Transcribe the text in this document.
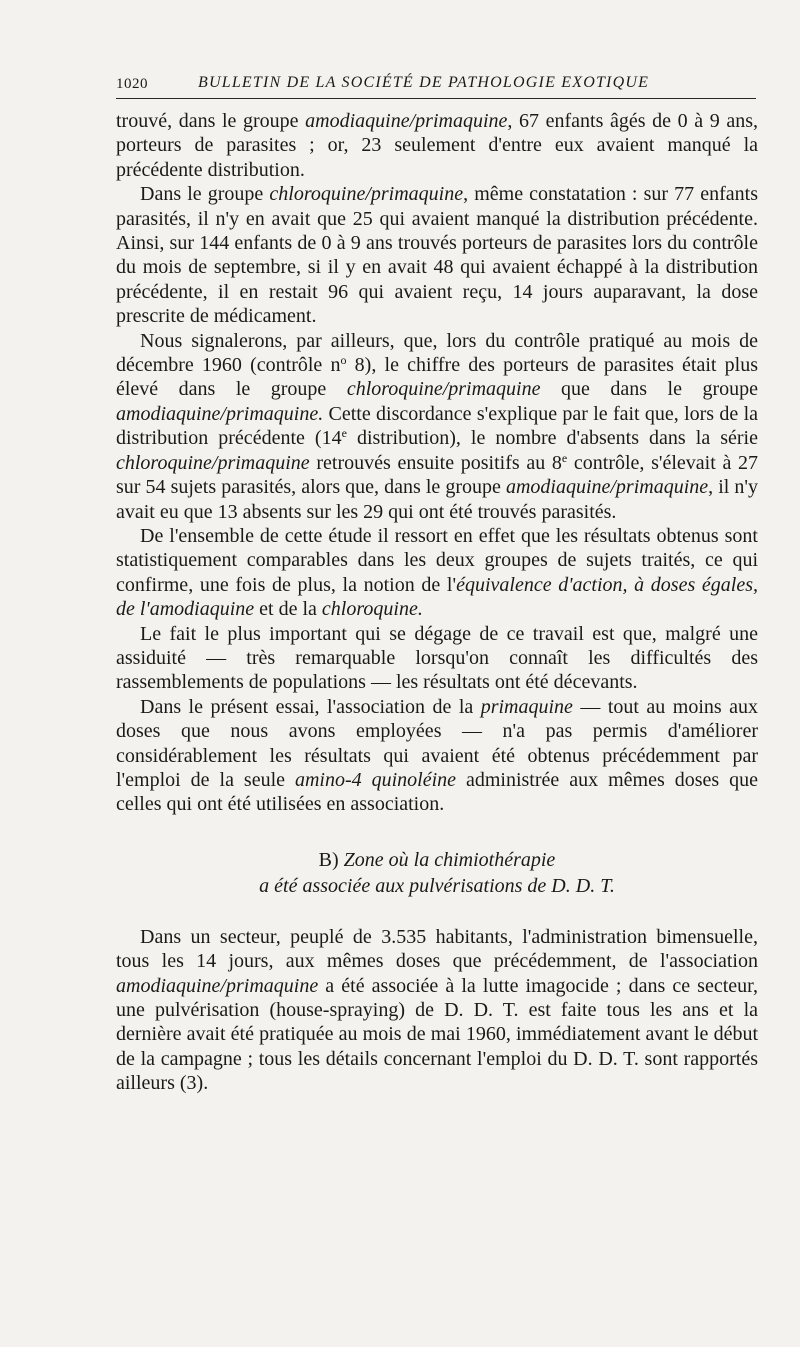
1020	BULLETIN DE LA SOCIÉTÉ DE PATHOLOGIE EXOTIQUE

trouvé, dans le groupe amodiaquine/primaquine, 67 enfants âgés de 0 à 9 ans, porteurs de parasites ; or, 23 seulement d'entre eux avaient manqué la précédente distribution.

Dans le groupe chloroquine/primaquine, même constatation : sur 77 enfants parasités, il n'y en avait que 25 qui avaient manqué la distribution précédente. Ainsi, sur 144 enfants de 0 à 9 ans trouvés porteurs de parasites lors du contrôle du mois de septembre, si il y en avait 48 qui avaient échappé à la distribution précédente, il en restait 96 qui avaient reçu, 14 jours auparavant, la dose prescrite de médicament.

Nous signalerons, par ailleurs, que, lors du contrôle pratiqué au mois de décembre 1960 (contrôle $n^o$ 8), le chiffre des porteurs de parasites était plus élevé dans le groupe chloroquine/primaquine que dans le groupe amodiaquine/primaquine. Cette discordance s'explique par le fait que, lors de la distribution précédente (14e distribution), le nombre d'absents dans la série chloroquine/primaquine retrouvés ensuite positifs au 8e contrôle, s'élevait à 27 sur 54 sujets parasités, alors que, dans le groupe amodiaquine/primaquine, il n'y avait eu que 13 absents sur les 29 qui ont été trouvés parasités.

De l'ensemble de cette étude il ressort en effet que les résultats obtenus sont statistiquement comparables dans les deux groupes de sujets traités, ce qui confirme, une fois de plus, la notion de l'équivalence d'action, à doses égales, de l'amodiaquine et de la chloroquine.

Le fait le plus important qui se dégage de ce travail est que, malgré une assiduité — très remarquable lorsqu'on connaît les difficultés des rassemblements de populations — les résultats ont été décevants.

Dans le présent essai, l'association de la primaquine — tout au moins aux doses que nous avons employées — n'a pas permis d'améliorer considérablement les résultats qui avaient été obtenus précédemment par l'emploi de la seule amino-4 quinoléine administrée aux mêmes doses que celles qui ont été utilisées en association.

B) Zone où la chimiothérapie
a été associée aux pulvérisations de D. D. T.

Dans un secteur, peuplé de 3.535 habitants, l'administration bimensuelle, tous les 14 jours, aux mêmes doses que précédemment, de l'association amodiaquine/primaquine a été associée à la lutte imagocide ; dans ce secteur, une pulvérisation (house-spraying) de D. D. T. est faite tous les ans et la dernière avait été pratiquée au mois de mai 1960, immédiatement avant le début de la campagne ; tous les détails concernant l'emploi du D. D. T. sont rapportés ailleurs (3).
